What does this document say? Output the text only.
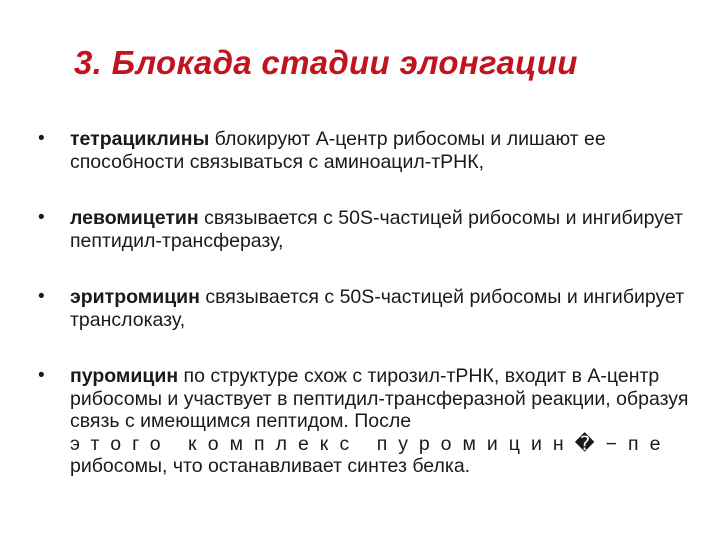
3. Блокада стадии элонгации
• тетрациклины блокируют А-центр рибосомы и лишают ее способности связываться с аминоацил-тРНК,
• левомицетин связывается с 50S-частицей рибосомы и ингибирует пептидил-трансферазу,
• эритромицин связывается с 50S-частицей рибосомы и ингибирует транслоказу,
• пуромицин по структуре схож с тирозил-тРНК, входит в А-центр рибосомы и участвует в пептидил-трансферазной реакции, образуя связь с имеющимся пептидом. После
этого комплекс пуромицин�−пе
рибосомы, что останавливает синтез белка.
